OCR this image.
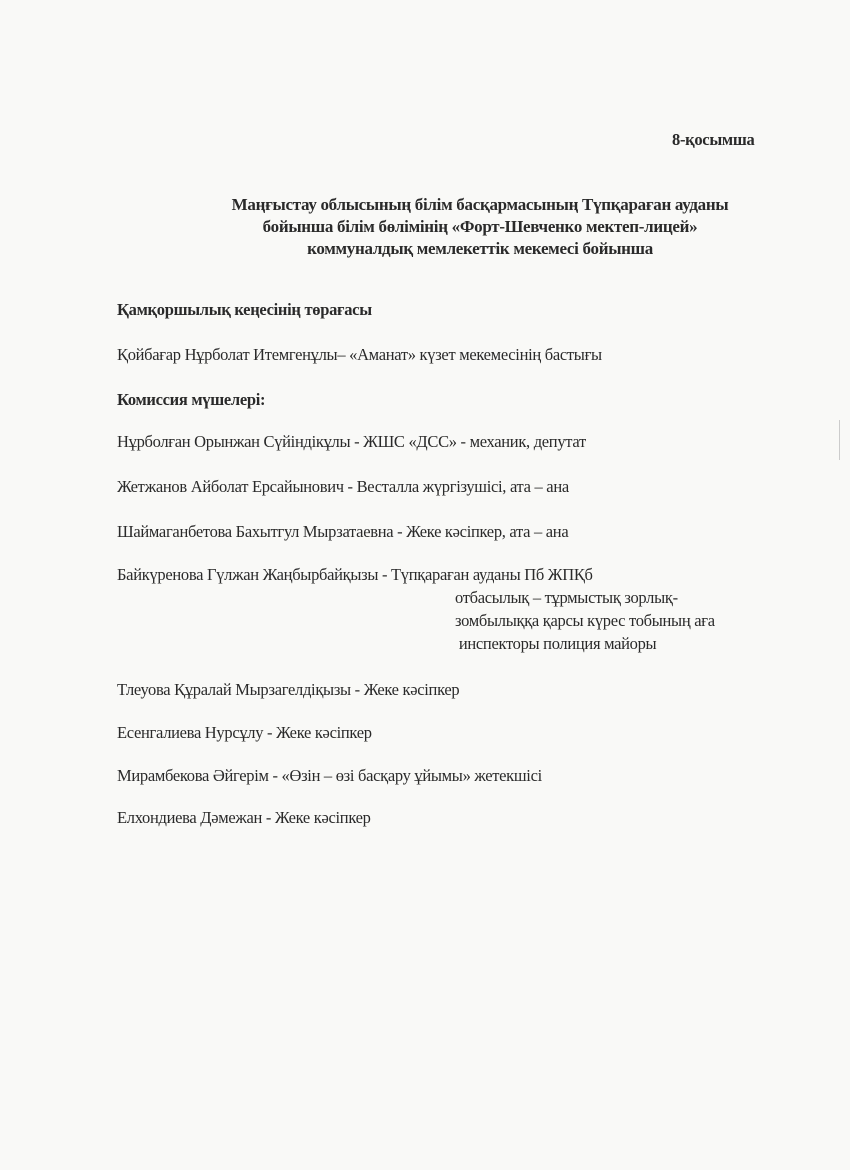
8-қосымша
Маңғыстау облысының білім басқармасының Түпқараған ауданы
бойынша білім бөлімінің «Форт-Шевченко мектеп-лицей»
коммуналдық мемлекеттік мекемесі бойынша
Қамқоршылық кеңесінің төрағасы
Қойбағар Нұрболат Итемгенұлы– «Аманат» күзет мекемесінің бастығы
Комиссия мүшелері:
Нұрболған Орынжан Сүйіндікұлы - ЖШС «ДСС» - механик, депутат
Жетжанов Айболат Ерсайынович - Весталла жүргізушісі, ата – ана
Шаймаганбетова Бахытгул Мырзатаевна - Жеке кәсіпкер, ата – ана
Байкүренова Гүлжан Жаңбырбайқызы - Түпқараған ауданы Пб ЖПҚб
отбасылық – тұрмыстық зорлық-
зомбылыққа қарсы күрес тобының аға
инспекторы полиция майоры
Тлеуова Құралай Мырзагелдіқызы - Жеке кәсіпкер
Есенгалиева Нурсұлу - Жеке кәсіпкер
Мирамбекова Әйгерім - «Өзін – өзі басқару ұйымы» жетекшісі
Елхондиева Дәмежан - Жеке кәсіпкер
